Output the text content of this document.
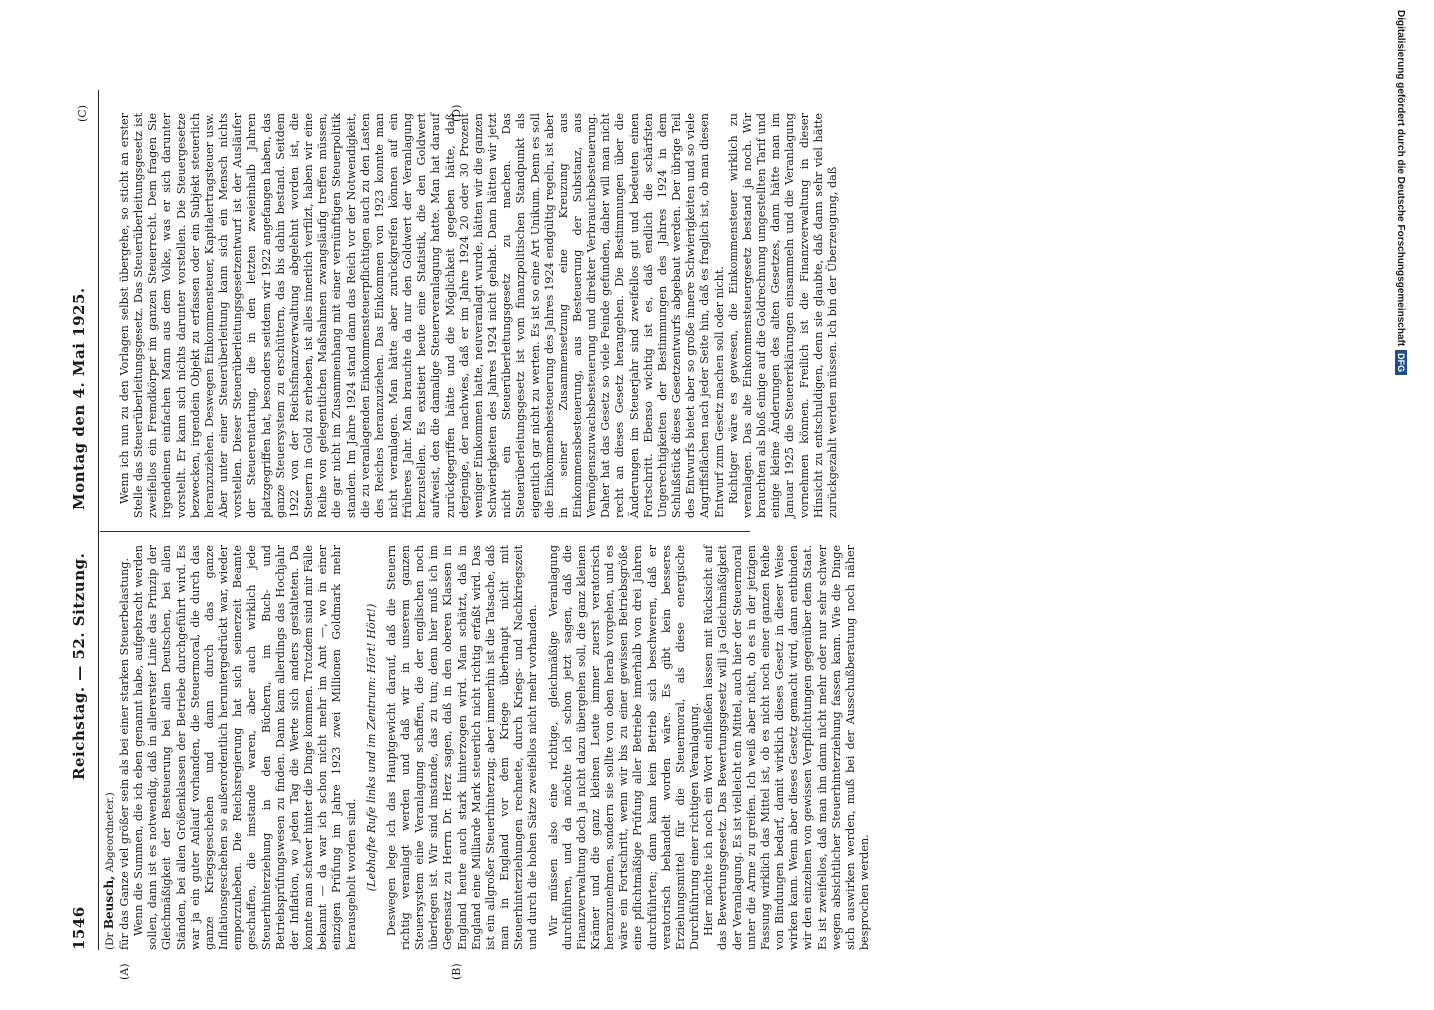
1546
Reichstag. — 52. Sitzung.
Montag den 4. Mai 1925.
(Dr Beusch, Abgeordneter.)
(A)	(B)
(C)	(D)

für das Ganze viel größer sein als bei einer starken Steuerbelastung. Wenn die Summen, die ich eben genannt habe, aufgebracht werden sollen, dann ist es notwendig, daß in allererster Linie das Prinzip der Gleichmäßigkeit der Besteuerung bei allen Deutschen, bei allen Ständen, bei allen Größenklassen der Betriebe durchgeführt wird. Es war ja ein guter Anlauf vorhanden, die Steuermoral, die durch das ganze Kriegsgeschehen und dann durch das ganze Inflationsgeschehen so außerordentlich heruntergedrückt war, wieder emporzuheben. Die Reichsregierung hat sich seinerzeit Beamte geschaffen, die imstande waren, aber auch wirklich jede Steuerhinterziehung in den Büchern, im Buch- und Betriebsprüfungswesen zu finden. Dann kam allerdings das Hochjahr der Inflation, wo jeden Tag die Werte sich anders gestalteten. Da konnte man schwer hinter die Dinge kommen. Trotzdem sind mir Fälle bekannt — da war ich schon nicht mehr im Amt —, wo in einer einzigen Prüfung im Jahre 1923 zwei Millionen Goldmark mehr herausgeholt worden sind. (Lebhafte Rufe links und im Zentrum: Hört! Hört!) Deswegen lege ich das Hauptgewicht darauf, daß die Steuern richtig veranlagt werden und daß wir in unserem ganzen Steuersystem eine Veranlagung schaffen, die der englischen noch überlegen ist. Wir sind imstande, das zu tun; denn hier muß ich im Gegensatz zu Herrn Dr. Herz sagen, daß in den oberen Klassen in England heute auch stark hinterzogen wird. Man schätzt, daß in England eine Milliarde Mark steuerlich nicht richtig erfaßt wird. Das ist ein allgroßer Steuerhinterzug; aber immerhin ist die Tatsache, daß man in England vor dem Kriege überhaupt nicht mit Steuerhinterziehungen rechnete, durch Kriegs- und Nachkriegszeit und durch die hohen Sätze zweifellos nicht mehr vorhanden. Wir müssen also eine richtige, gleichmäßige Veranlagung durchführen, und da möchte ich schon jetzt sagen, daß die Finanzverwaltung doch ja nicht dazu übergehen soll, die ganz kleinen Krämer und die ganz kleinen Leute immer zuerst veratorisch heranzunehmen, sondern sie sollte von oben herab vorgehen, und es wäre ein Fortschritt, wenn wir bis zu einer gewissen Betriebsgröße eine pflichtmäßige Prüfung aller Betriebe innerhalb von drei Jahren durchführten; dann kann kein Betrieb sich beschweren, daß er veratorisch behandelt worden wäre. Es gibt kein besseres Erziehungsmittel für die Steuermoral, als diese energische Durchführung einer richtigen Veranlagung. Hier möchte ich noch ein Wort einfließen lassen mit Rücksicht auf das Bewertungsgesetz. Das Bewertungsgesetz will ja Gleichmäßigkeit der Veranlagung. Es ist vielleicht ein Mittel, auch hier der Steuermoral unter die Arme zu greifen. Ich weiß aber nicht, ob es in der jetzigen Fassung wirklich das Mittel ist, ob es nicht noch einer ganzen Reihe von Bindungen bedarf, damit wirklich dieses Gesetz in dieser Weise wirken kann. Wenn aber dieses Gesetz gemacht wird, dann entbinden wir den einzelnen von gewissen Verpflichtungen gegenüber dem Staat. Es ist zweifellos, daß man ihn dann nicht mehr oder nur sehr schwer wegen absichtlicher Steuerhinterziehung fassen kann. Wie die Dinge sich auswirken werden, muß bei der Ausschußberatung noch näher besprochen werden.

Wenn ich nun zu den Vorlagen selbst übergehe, so sticht an erster Stelle das Steuerüberleitungsgesetz. Das Steuerüberleitungsgesetz ist zweifellos ein Fremdkörper im ganzen Steuerrecht. Dem fragen Sie irgendeinen einfachen Mann aus dem Volke, was er sich darunter vorstellt. Er kann sich nichts darunter vorstellen. Die Steuergesetze bezwecken, irgendein Objekt zu erfassen oder ein Subjekt steuerlich heranzuziehen. Deswegen Einkommensteuer, Kapitalertragsteuer usw. Aber unter einer Steuerüberleitung kann sich ein Mensch nichts vorstellen. Dieser Steuerüberleitungsgesetzentwurf ist der Ausläufer der Steuerentartung, die in den letzten zweieinhalb Jahren platzgegriffen hat, besonders seitdem wir 1922 angefangen haben, das ganze Steuersystem zu erschüttern, das bis dahin bestand. Seitdem 1922 von der Reichsfinanzverwaltung abgelehnt worden ist, die Steuern in Gold zu erheben, ist alles innerlich verfilzt, haben wir eine Reihe von gelegentlichen Maßnahmen zwangsläufig treffen müssen, die gar nicht im Zusammenhang mit einer vernünftigen Steuerpolitik standen. Im Jahre 1924 stand dann das Reich vor der Notwendigkeit, die zu veranlagenden Einkommensteuerpflichtigen auch zu den Lasten des Reiches heranzuziehen. Das Einkommen von 1923 konnte man nicht veranlagen. Man hätte aber zurückgreifen können auf ein früheres Jahr. Man brauchte da nur den Goldwert der Veranlagung herzustellen. Es existiert heute eine Statistik, die den Goldwert aufweist, den die damalige Steuerveranlagung hatte. Man hat darauf zurückgegriffen hätte und die Möglichkeit gegeben hätte, daß derjenige, der nachwies, daß er im Jahre 1924 20 oder 30 Prozent weniger Einkommen hatte, neuveranlagt wurde, hätten wir die ganzen Schwierigkeiten des Jahres 1924 nicht gehabt. Dann hätten wir jetzt nicht ein Steuerüberleitungsgesetz zu machen. Das Steuerüberleitungsgesetz ist vom finanzpolitischen Standpunkt als eigentlich gar nicht zu werten. Es ist so eine Art Unikum. Denn es soll die Einkommenbesteuerung des Jahres 1924 endgültig regeln, ist aber in seiner Zusammensetzung eine Kreuzung aus Einkommensbesteuerung, aus Besteuerung der Substanz, aus Vermögenszuwachsbesteuerung und direkter Verbrauchsbesteuerung. Daher hat das Gesetz so viele Feinde gefunden, daher will man nicht recht an dieses Gesetz herangehen. Die Bestimmungen über die Änderungen im Steuerjahr sind zweifellos gut und bedeuten einen Fortschritt. Ebenso wichtig ist es, daß endlich die schärfsten Ungerechtigkeiten der Bestimmungen des Jahres 1924 in dem Schlußstück dieses Gesetzentwurfs abgebaut werden. Der übrige Teil des Entwurfs bietet aber so große innere Schwierigkeiten und so viele Angriffsflächen nach jeder Seite hin, daß es fraglich ist, ob man diesen Entwurf zum Gesetz machen soll oder nicht. Richtiger wäre es gewesen, die Einkommensteuer wirklich zu veranlagen. Das alte Einkommensteuergesetz bestand ja noch. Wir brauchten als bloß einige auf die Goldrechnung umgestellten Tarif und einige kleine Änderungen des alten Gesetzes, dann hätte man im Januar 1925 die Steuererklärungen einsammeln und die Veranlagung vornehmen können. Freilich ist die Finanzverwaltung in dieser Hinsicht zu entschuldigen, denn sie glaubte, daß dann sehr viel hätte zurückgezahlt werden müssen. Ich bin der Überzeugung, daß	Digitalisierung gefördert durch die Deutsche ForschungsgemeinschaftDFG
